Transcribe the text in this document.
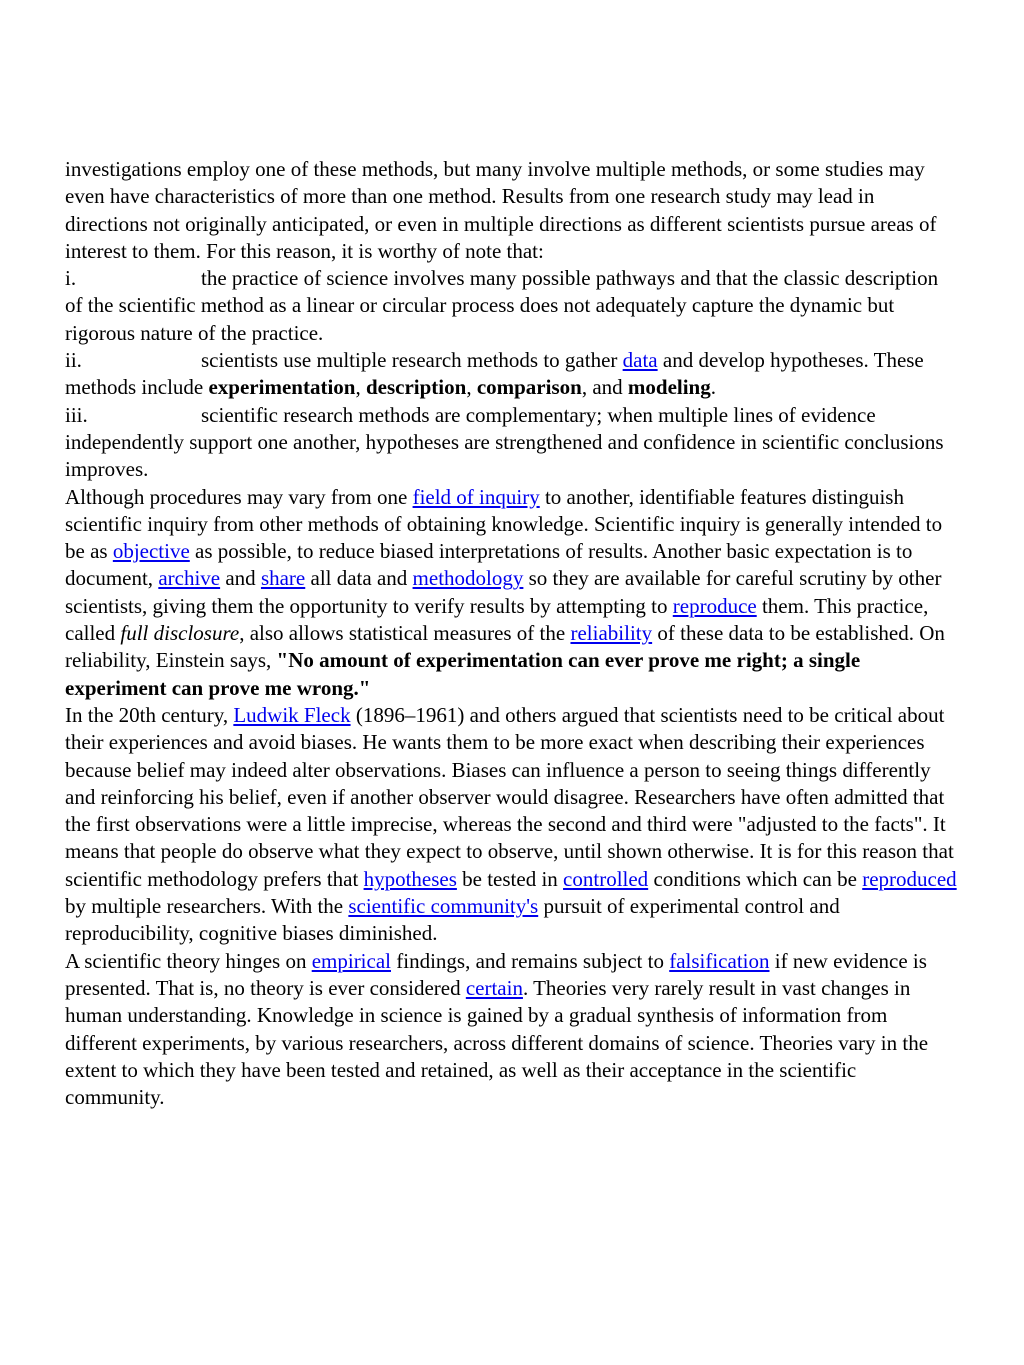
investigations employ one of these methods, but many involve multiple methods, or some studies may even have characteristics of more than one method. Results from one research study may lead in directions not originally anticipated, or even in multiple directions as different scientists pursue areas of interest to them. For this reason, it is worthy of note that:

i.	the practice of science involves many possible pathways and that the classic description of the scientific method as a linear or circular process does not adequately capture the dynamic but rigorous nature of the practice.

ii.	scientists use multiple research methods to gather data and develop hypotheses. These methods include experimentation, description, comparison, and modeling.

iii.	scientific research methods are complementary; when multiple lines of evidence independently support one another, hypotheses are strengthened and confidence in scientific conclusions improves.

Although procedures may vary from one field of inquiry to another, identifiable features distinguish scientific inquiry from other methods of obtaining knowledge. Scientific inquiry is generally intended to be as objective as possible, to reduce biased interpretations of results. Another basic expectation is to document, archive and share all data and methodology so they are available for careful scrutiny by other scientists, giving them the opportunity to verify results by attempting to reproduce them. This practice, called full disclosure, also allows statistical measures of the reliability of these data to be established. On reliability, Einstein says, "No amount of experimentation can ever prove me right; a single experiment can prove me wrong."

In the 20th century, Ludwik Fleck (1896–1961) and others argued that scientists need to be critical about their experiences and avoid biases. He wants them to be more exact when describing their experiences because belief may indeed alter observations. Biases can influence a person to seeing things differently and reinforcing his belief, even if another observer would disagree. Researchers have often admitted that the first observations were a little imprecise, whereas the second and third were "adjusted to the facts". It means that people do observe what they expect to observe, until shown otherwise. It is for this reason that scientific methodology prefers that hypotheses be tested in controlled conditions which can be reproduced by multiple researchers. With the scientific community's pursuit of experimental control and reproducibility, cognitive biases diminished.

A scientific theory hinges on empirical findings, and remains subject to falsification if new evidence is presented. That is, no theory is ever considered certain. Theories very rarely result in vast changes in human understanding. Knowledge in science is gained by a gradual synthesis of information from different experiments, by various researchers, across different domains of science. Theories vary in the extent to which they have been tested and retained, as well as their acceptance in the scientific community.
